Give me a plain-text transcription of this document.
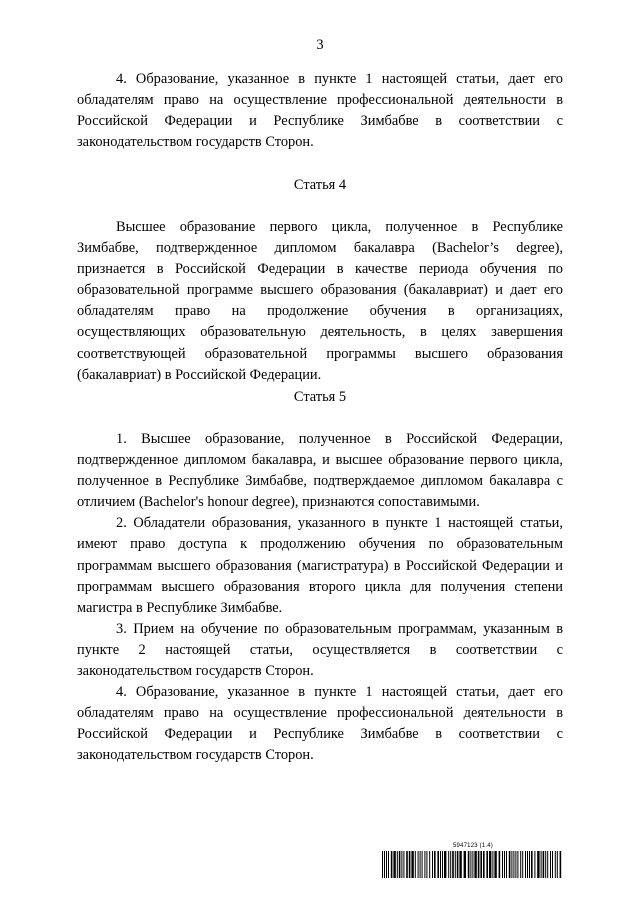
3

4. Образование, указанное в пункте 1 настоящей статьи, дает его обладателям право на осуществление профессиональной деятельности в Российской Федерации и Республике Зимбабве в соответствии с законодательством государств Сторон.

Статья 4

Высшее образование первого цикла, полученное в Республике Зимбабве, подтвержденное дипломом бакалавра (Bachelor’s degree), признается в Российской Федерации в качестве периода обучения по образовательной программе высшего образования (бакалавриат) и дает его обладателям право на продолжение обучения в организациях, осуществляющих образовательную деятельность, в целях завершения соответствующей образовательной программы высшего образования (бакалавриат) в Российской Федерации.

Статья 5

1. Высшее образование, полученное в Российской Федерации, подтвержденное дипломом бакалавра, и высшее образование первого цикла, полученное в Республике Зимбабве, подтверждаемое дипломом бакалавра с отличием (Bachelor's honour degree), признаются сопоставимыми.

2. Обладатели образования, указанного в пункте 1 настоящей статьи, имеют право доступа к продолжению обучения по образовательным программам высшего образования (магистратура) в Российской Федерации и программам высшего образования второго цикла для получения степени магистра в Республике Зимбабве.

3. Прием на обучение по образовательным программам, указанным в пункте 2 настоящей статьи, осуществляется в соответствии с законодательством государств Сторон.

4. Образование, указанное в пункте 1 настоящей статьи, дает его обладателям право на осуществление профессиональной деятельности в Российской Федерации и Республике Зимбабве в соответствии с законодательством государств Сторон.

5947123 (1.4)
